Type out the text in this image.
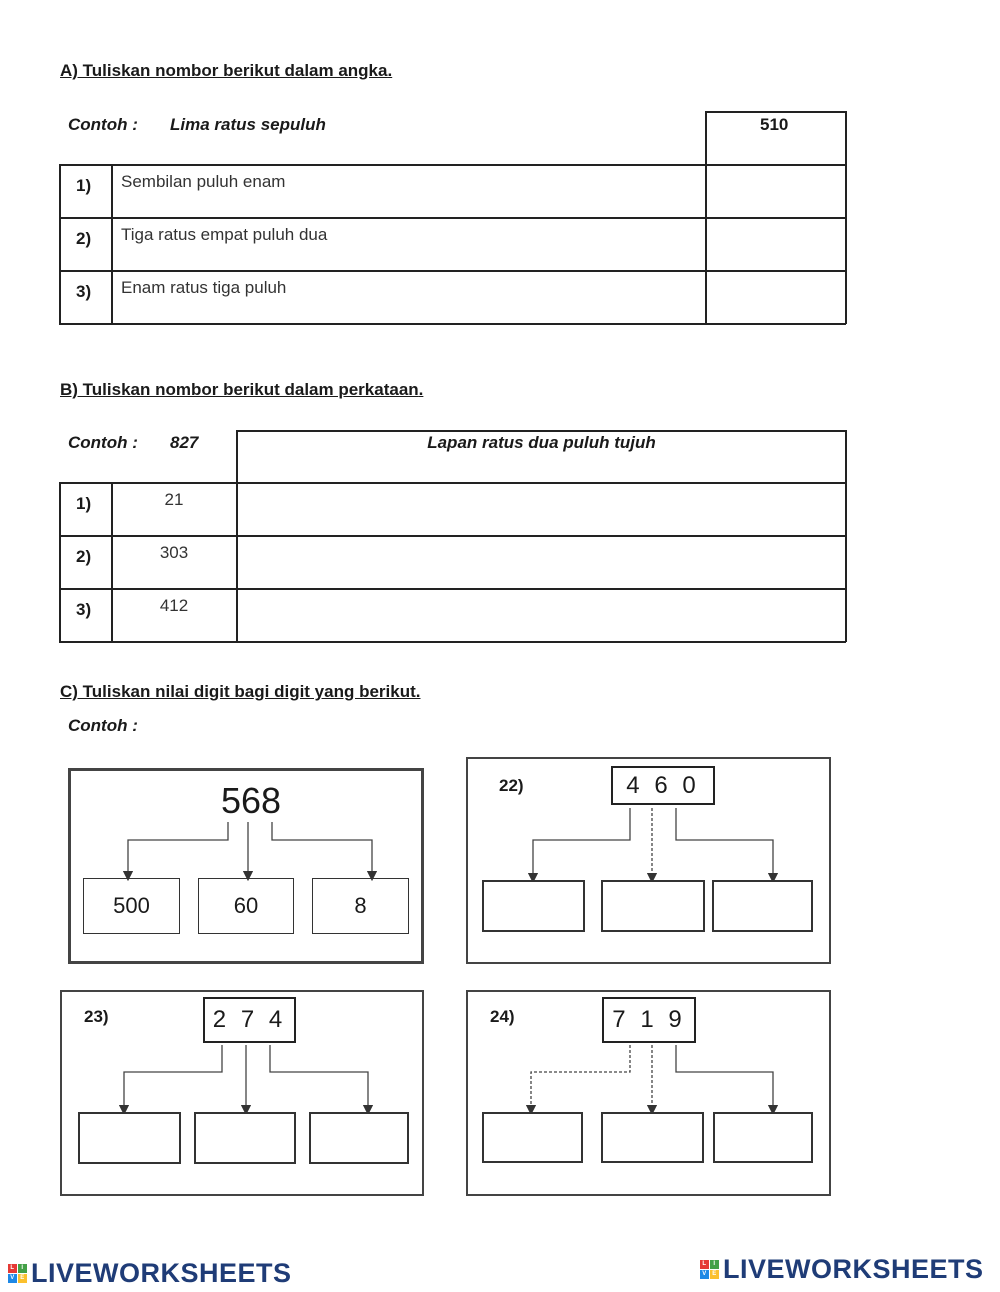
A) Tuliskan nombor berikut dalam angka.
Contoh : Lima ratus sepuluh	510
1) Sembilan puluh enam
2) Tiga ratus empat puluh dua
3) Enam ratus tiga puluh
B) Tuliskan nombor berikut dalam perkataan.
Contoh : 827	Lapan ratus dua puluh tujuh
1)	21
2)	303
3)	412
C) Tuliskan nilai digit bagi digit yang berikut.
Contoh :
568
500	60	8
22)	4 6 0
23)	2 7 4	24)	7 1 9
L	I
V E LIVEWORKSHEETS	L	I
V E LIVEWORKSHEETS
